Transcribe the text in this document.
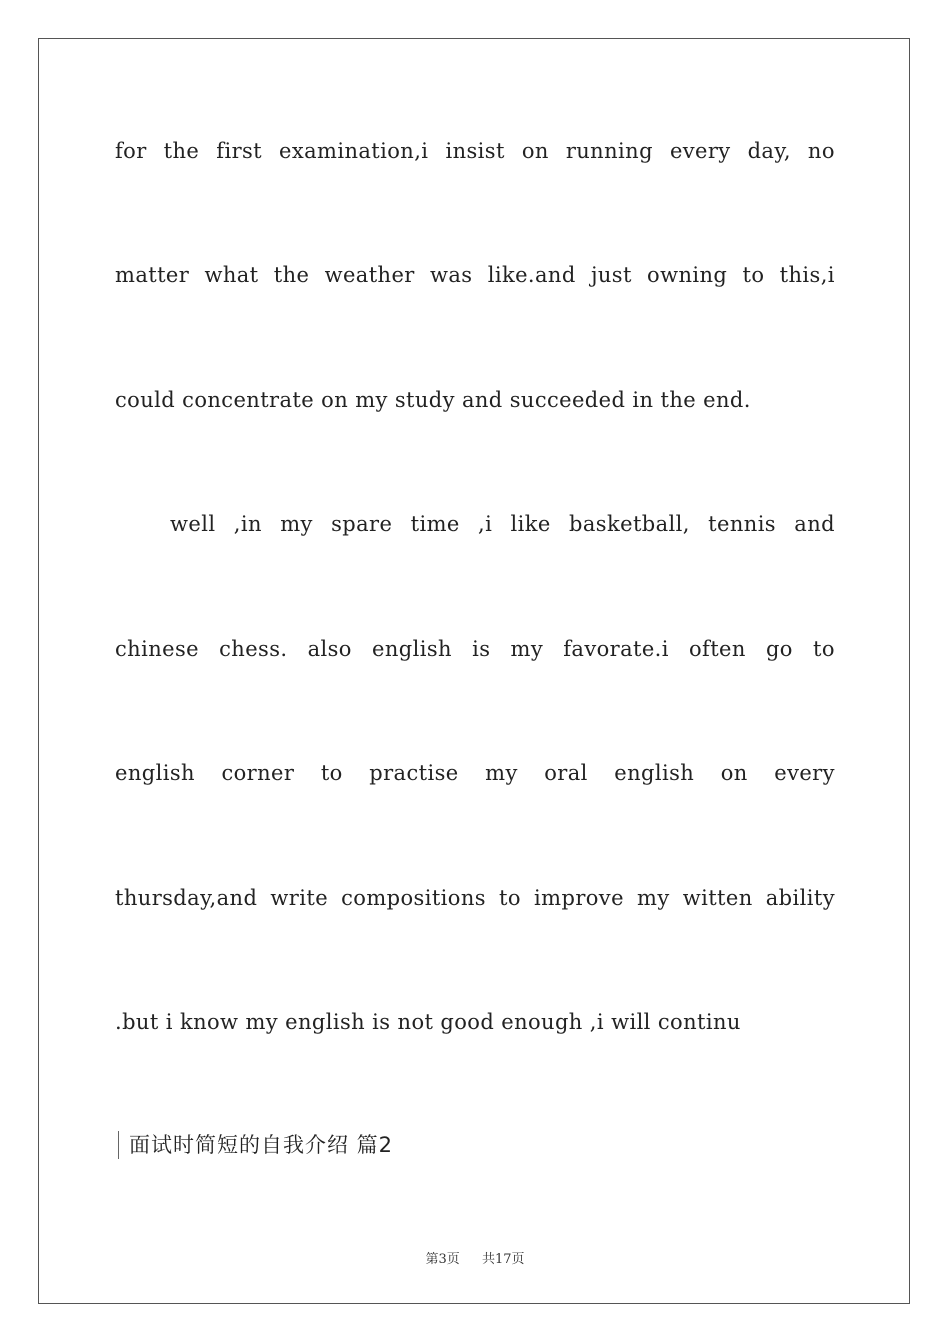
for the first examination,i insist on running every day, no
matter what the weather was like.and just owning to this,i
could concentrate on my study and succeeded in the end.
well ,in my spare time ,i like basketball, tennis and
chinese chess. also english is my favorate.i often go to
english corner to practise my oral english on every
thursday,and write compositions to improve my witten ability
.but i know my english is not good enough ,i will continu
面试时简短的自我介绍 篇2
第3页 共17页
